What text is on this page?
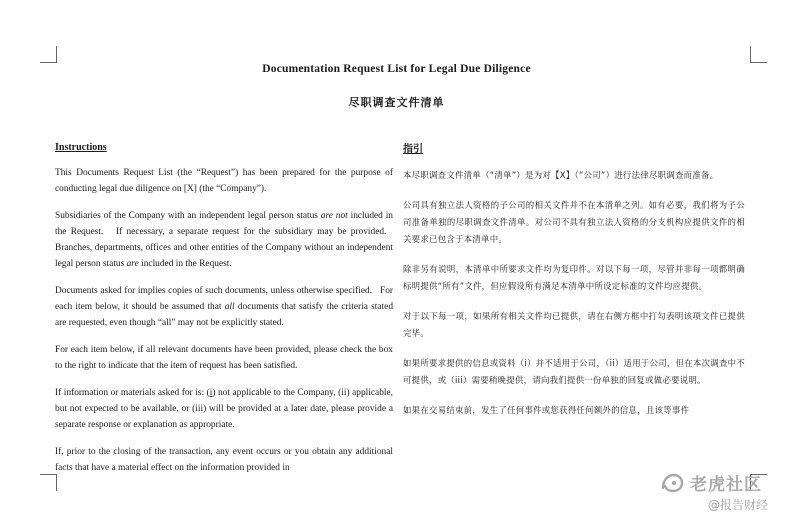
Documentation Request List for Legal Due Diligence
尽职调查文件清单
Instructions

This Documents Request List (the “Request”) has been prepared for the purpose of conducting legal due diligence on [X] (the “Company”).

Subsidiaries of the Company with an independent legal person status are not included in the Request.   If necessary, a separate request for the subsidiary may be provided.   Branches, departments, offices and other entities of the Company without an independent legal person status are included in the Request.

Documents asked for implies copies of such documents, unless otherwise specified.   For each item below, it should be assumed that all documents that satisfy the criteria stated are requested, even though “all” may not be explicitly stated.

For each item below, if all relevant documents have been provided, please check the box to the right to indicate that the item of request has been satisfied.

If information or materials asked for is: (i) not applicable to the Company, (ii) applicable, but not expected to be available, or (iii) will be provided at a later date, please provide a separate response or explanation as appropriate.

If, prior to the closing of the transaction, any event occurs or you obtain any additional facts that have a material effect on the information provided in

指引

本尽职调查文件清单（“清单”）是为对【X】（“公司”）进行法律尽职调查而准备。

公司具有独立法人资格的子公司的相关文件并不在本清单之列。如有必要，我们将为子公司准备单独的尽职调查文件清单。对公司不具有独立法人资格的分支机构应提供文件的相关要求已包含于本清单中。

除非另有说明，本清单中所要求文件均为复印件。对以下每一项，尽管并非每一项都明确标明提供“所有”文件，但应假设所有满足本清单中所设定标准的文件均应提供。

对于以下每一项，如果所有相关文件均已提供，请在右侧方框中打勾表明该项文件已提供完毕。

如果所要求提供的信息或资料（i）并不适用于公司，（ii）适用于公司，但在本次调查中不可提供，或（iii）需要稍晚提供，请向我们提供一份单独的回复或做必要说明。

如果在交易结束前，发生了任何事件或您获得任何额外的信息，且该等事件

老虎社区
@报告财经
